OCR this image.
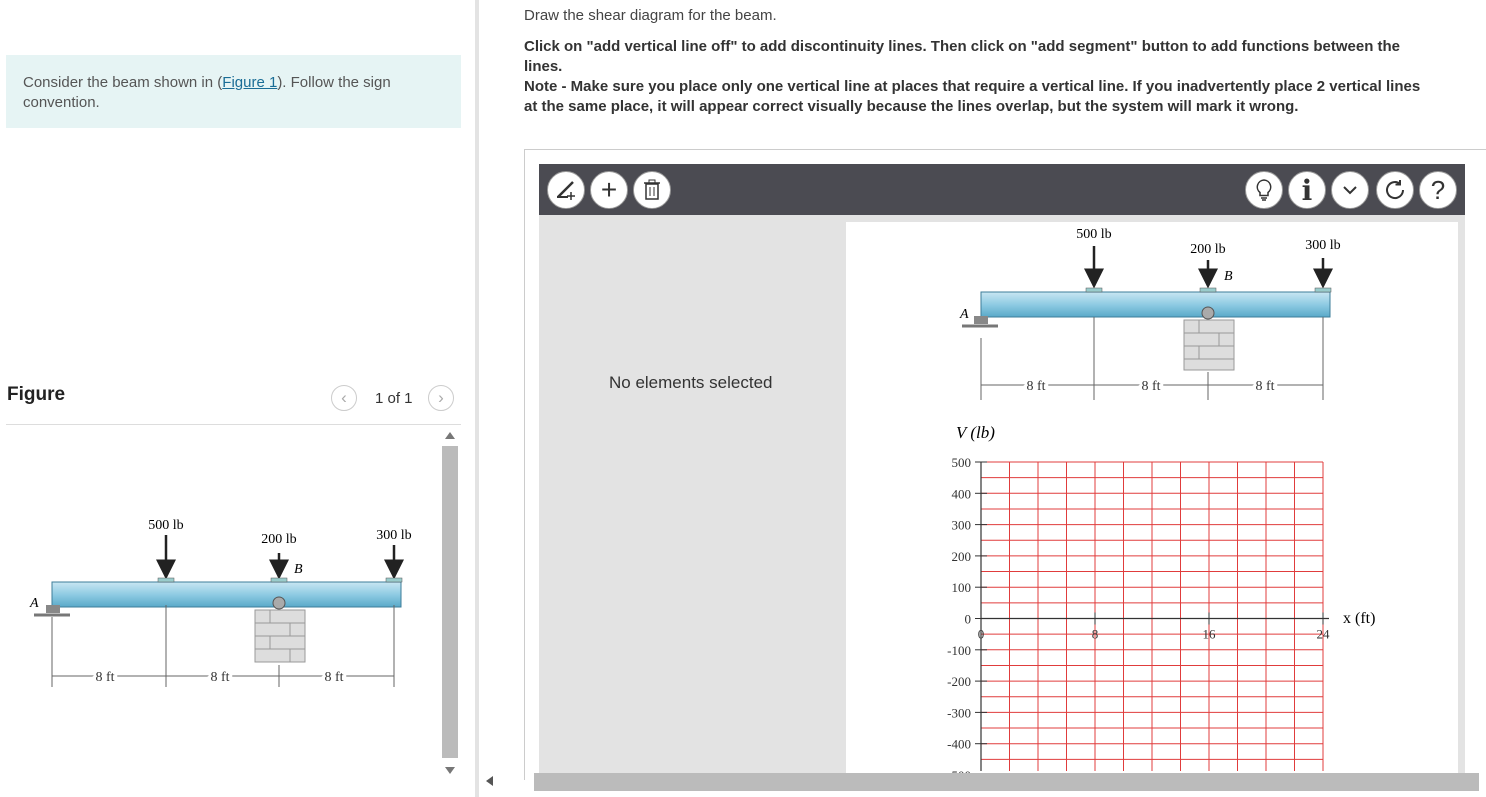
Consider the beam shown in (Figure 1). Follow the sign convention.
Figure	‹	1 of 1	›
500 lb
200 lb	300 lb
B
A
8 ft	8 ft	8 ft
Draw the shear diagram for the beam.
Click on "add vertical line off" to add discontinuity lines. Then click on "add segment" button to add functions between the lines.
Note - Make sure you place only one vertical line at places that require a vertical line. If you inadvertently place 2 vertical lines at the same place, it will appear correct visually because the lines overlap, but the system will mark it wrong.
+	i	?
No elements selected
500 lb
200 lb	300 lb
B
A
8 ft	8 ft	8 ft
V (lb)
x (ft)
500
400
300
200
100
0
-100
-200
-300
-400
0	8	16	24
